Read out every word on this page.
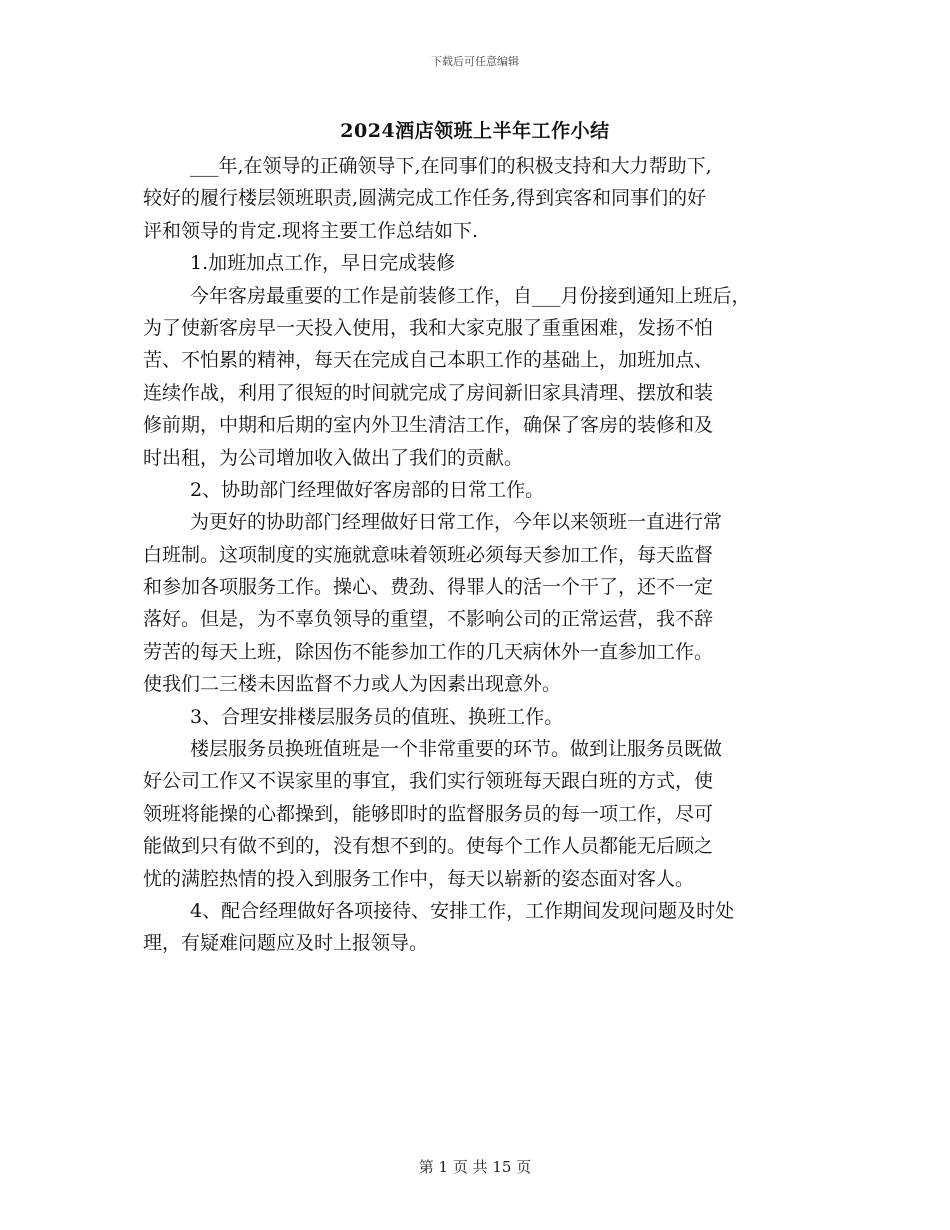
下载后可任意编辑
2024酒店领班上半年工作小结
___年,在领导的正确领导下,在同事们的积极支持和大力帮助下,
较好的履行楼层领班职责,圆满完成工作任务,得到宾客和同事们的好
评和领导的肯定.现将主要工作总结如下.
1.加班加点工作，早日完成装修
今年客房最重要的工作是前装修工作，自___月份接到通知上班后，
为了使新客房早一天投入使用，我和大家克服了重重困难，发扬不怕
苦、不怕累的精神，每天在完成自己本职工作的基础上，加班加点、
连续作战，利用了很短的时间就完成了房间新旧家具清理、摆放和装
修前期，中期和后期的室内外卫生清洁工作，确保了客房的装修和及
时出租，为公司增加收入做出了我们的贡献。
2、协助部门经理做好客房部的日常工作。
为更好的协助部门经理做好日常工作，今年以来领班一直进行常
白班制。这项制度的实施就意味着领班必须每天参加工作，每天监督
和参加各项服务工作。操心、费劲、得罪人的活一个干了，还不一定
落好。但是，为不辜负领导的重望，不影响公司的正常运营，我不辞
劳苦的每天上班，除因伤不能参加工作的几天病休外一直参加工作。
使我们二三楼未因监督不力或人为因素出现意外。
3、合理安排楼层服务员的值班、换班工作。
楼层服务员换班值班是一个非常重要的环节。做到让服务员既做
好公司工作又不误家里的事宜，我们实行领班每天跟白班的方式，使
领班将能操的心都操到，能够即时的监督服务员的每一项工作，尽可
能做到只有做不到的，没有想不到的。使每个工作人员都能无后顾之
忧的满腔热情的投入到服务工作中，每天以崭新的姿态面对客人。
4、配合经理做好各项接待、安排工作，工作期间发现问题及时处
理，有疑难问题应及时上报领导。
第 1 页 共 15 页
